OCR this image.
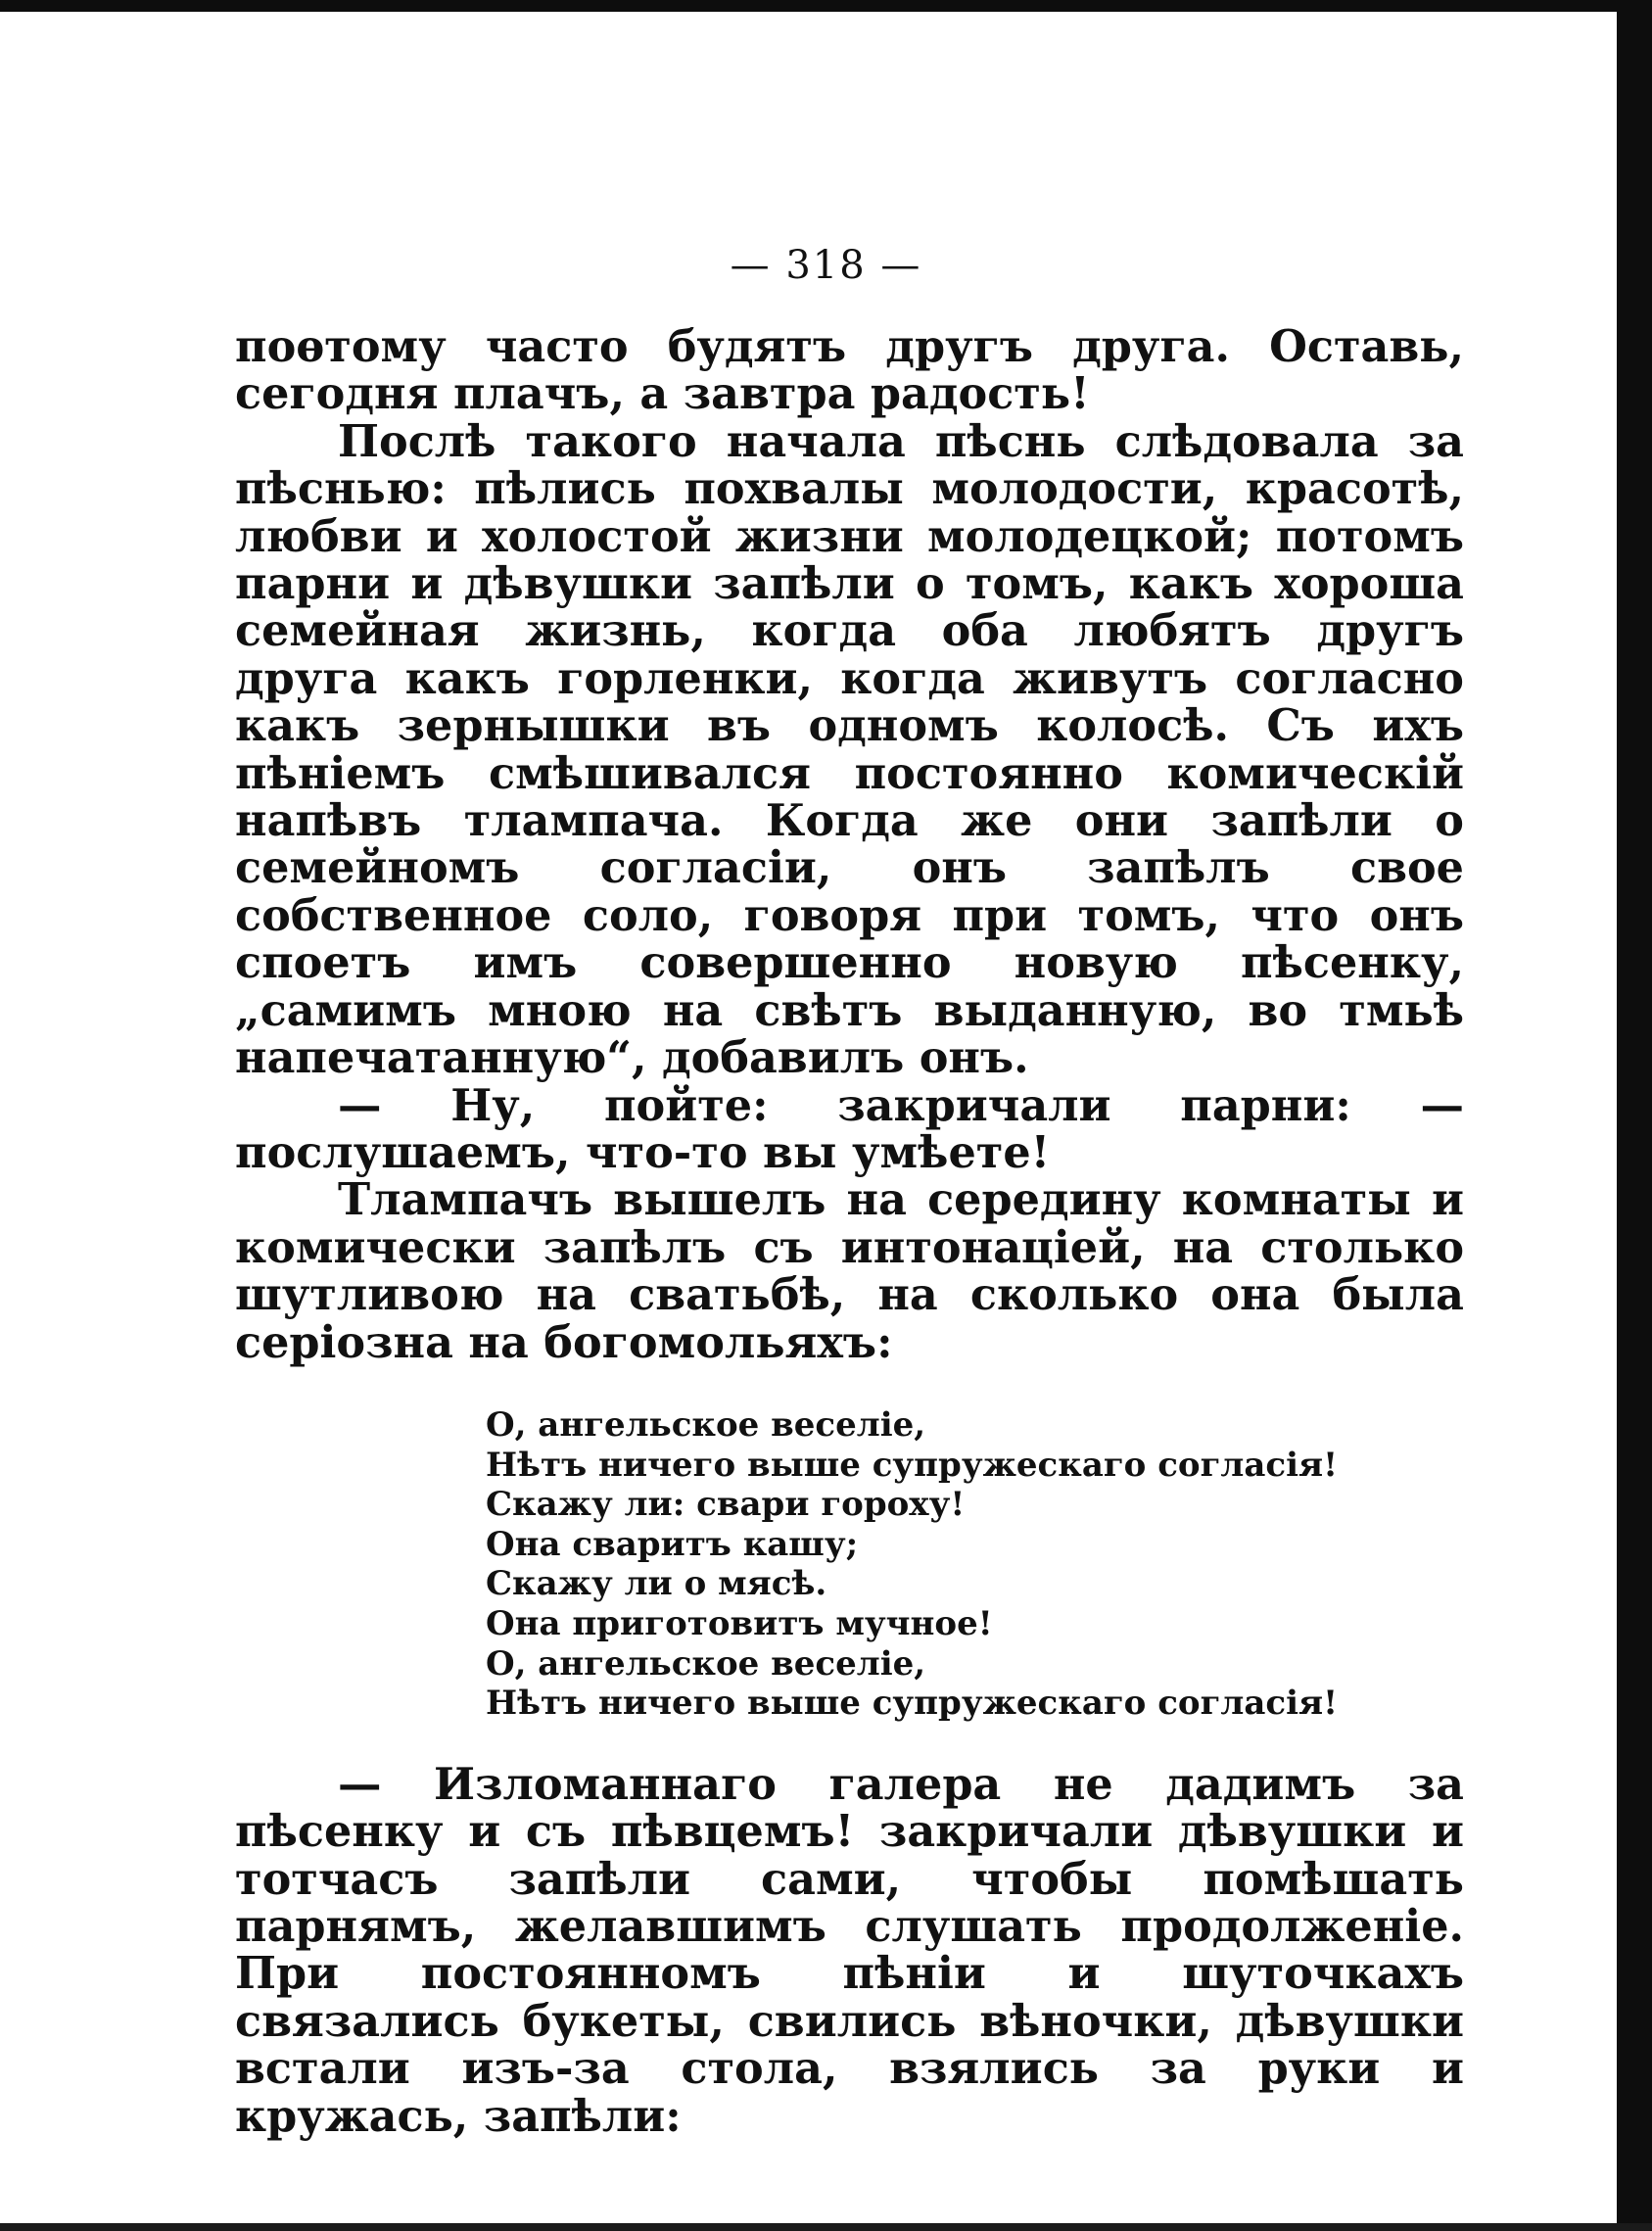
— 318 —

поѳтому часто будятъ другъ друга. Оставь, сегодня плачъ, а завтра радость!

Послѣ такого начала пѣснь слѣдовала за пѣснью: пѣлись похвалы молодости, красотѣ, любви и холостой жизни молодецкой; потомъ парни и дѣвушки запѣли о томъ, какъ хороша семейная жизнь, когда оба любятъ другъ друга какъ горленки, когда живутъ согласно какъ зернышки въ одномъ колосѣ. Съ ихъ пѣніемъ смѣшивался постоянно комическій напѣвъ тлампача. Когда же они запѣли о семейномъ согласіи, онъ запѣлъ свое собственное соло, говоря при томъ, что онъ споетъ имъ совершенно новую пѣсенку, „самимъ мною на свѣтъ выданную, во тмьѣ напечатанную“, добавилъ онъ.

— Ну, пойте: закричали парни: — послушаемъ, что-то вы умѣете!

Тлампачъ вышелъ на середину комнаты и комически запѣлъ съ интонаціей, на столько шутливою на сватьбѣ, на сколько она была серіозна на богомольяхъ:

О, ангельское веселіе,
Нѣтъ ничего выше супружескаго согласія!
Скажу ли: свари гороху!
Она сваритъ кашу;
Скажу ли о мясѣ.
Она приготовитъ мучное!
О, ангельское веселіе,
Нѣтъ ничего выше супружескаго согласія!

— Изломаннаго галера не дадимъ за пѣсенку и съ пѣвцемъ! закричали дѣвушки и тотчасъ запѣли сами, чтобы помѣшать парнямъ, желавшимъ слушать продолженіе. При постоянномъ пѣніи и шуточкахъ связались букеты, свились вѣночки, дѣвушки встали изъ-за стола, взялись за руки и кружась, запѣли:
